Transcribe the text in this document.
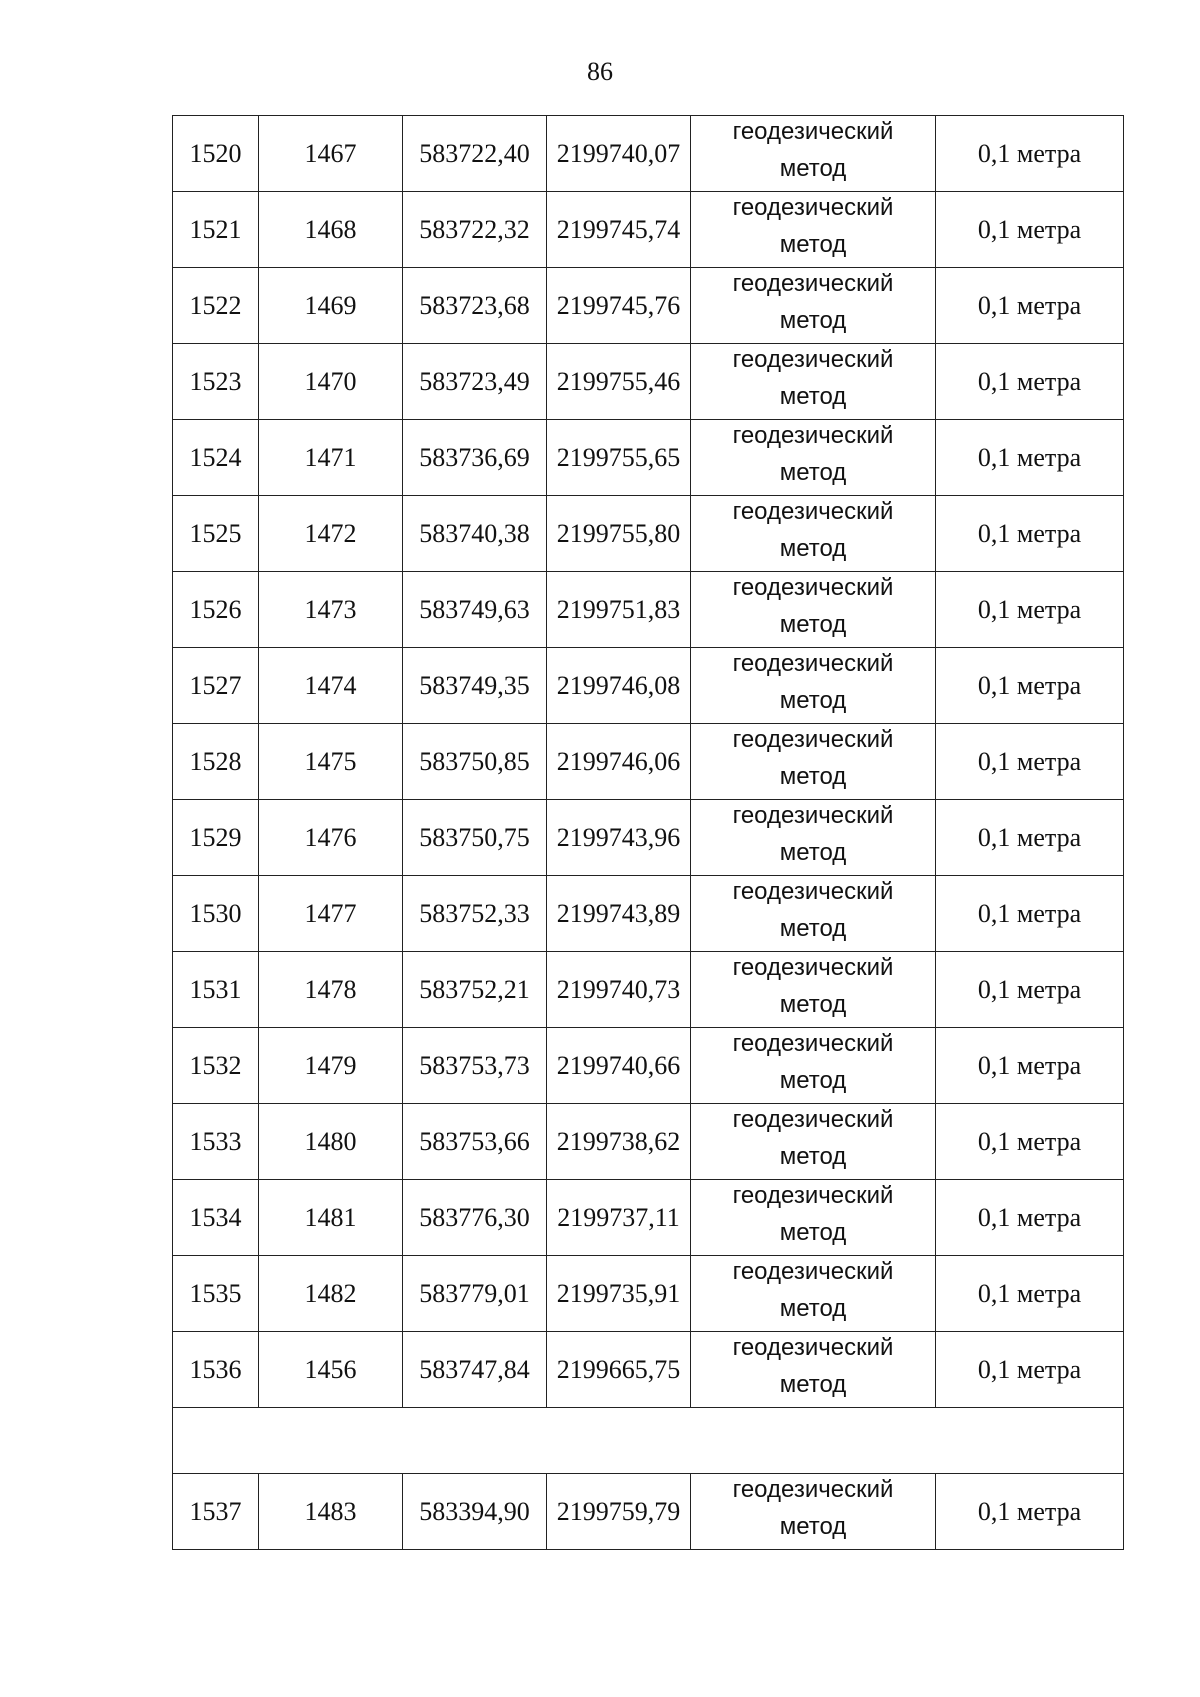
86
1520	1467	583722,40	2199740,07	геодезический
метод	0,1 метра
1521	1468	583722,32	2199745,74	геодезический
метод	0,1 метра
1522	1469	583723,68	2199745,76	геодезический
метод	0,1 метра
1523	1470	583723,49	2199755,46	геодезический
метод	0,1 метра
1524	1471	583736,69	2199755,65	геодезический
метод	0,1 метра
1525	1472	583740,38	2199755,80	геодезический
метод	0,1 метра
1526	1473	583749,63	2199751,83	геодезический
метод	0,1 метра
1527	1474	583749,35	2199746,08	геодезический
метод	0,1 метра
1528	1475	583750,85	2199746,06	геодезический
метод	0,1 метра
1529	1476	583750,75	2199743,96	геодезический
метод	0,1 метра
1530	1477	583752,33	2199743,89	геодезический
метод	0,1 метра
1531	1478	583752,21	2199740,73	геодезический
метод	0,1 метра
1532	1479	583753,73	2199740,66	геодезический
метод	0,1 метра
1533	1480	583753,66	2199738,62	геодезический
метод	0,1 метра
1534	1481	583776,30	2199737,11	геодезический
метод	0,1 метра
1535	1482	583779,01	2199735,91	геодезический
метод	0,1 метра
1536	1456	583747,84	2199665,75	геодезический
метод	0,1 метра

1537	1483	583394,90	2199759,79	геодезический
метод	0,1 метра
